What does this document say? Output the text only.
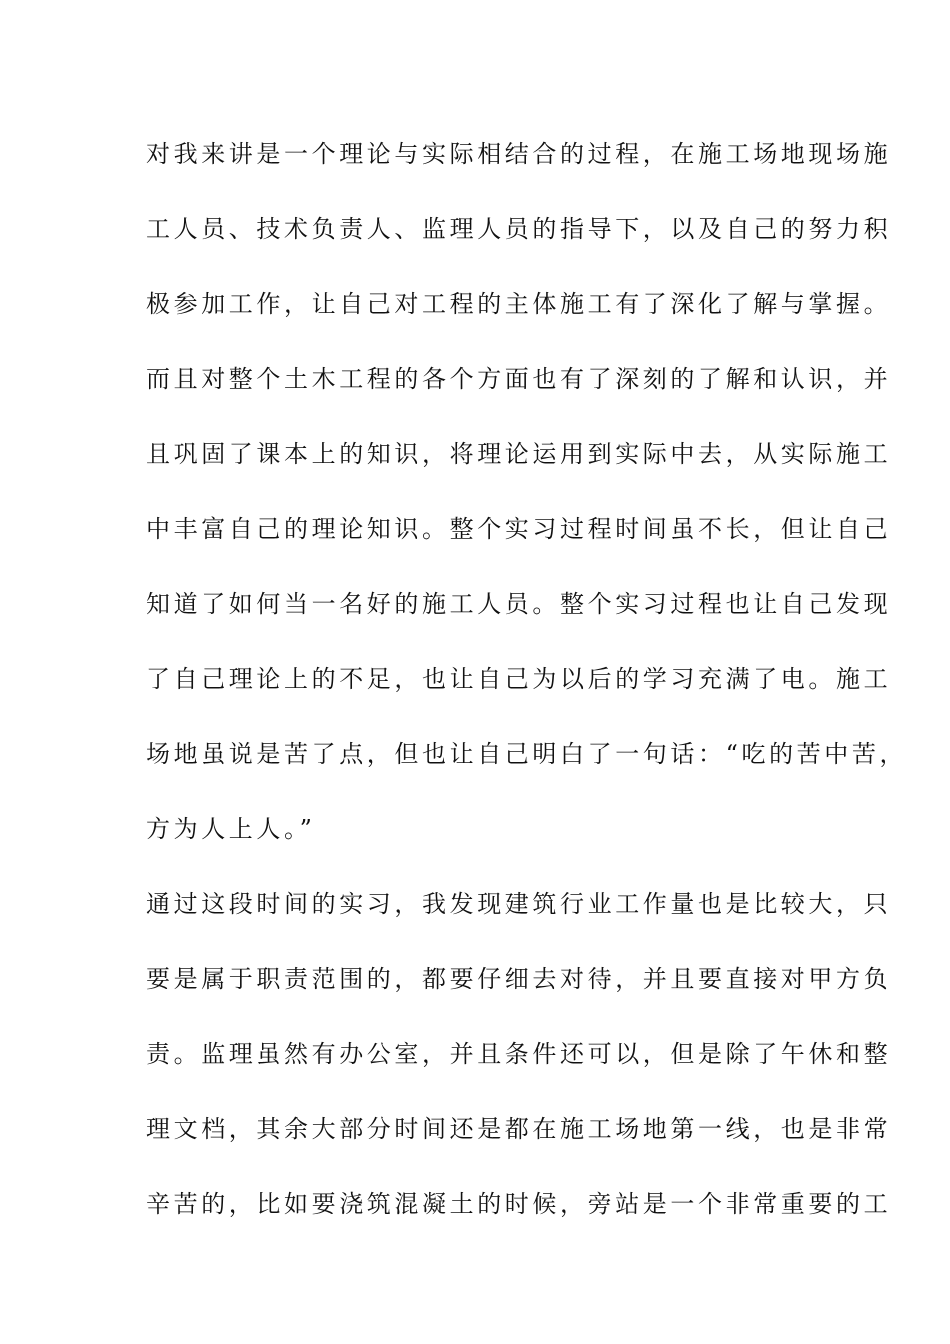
对我来讲是一个理论与实际相结合的过程，在施工场地现场施
工人员、技术负责人、监理人员的指导下，以及自己的努力积
极参加工作，让自己对工程的主体施工有了深化了解与掌握。
而且对整个土木工程的各个方面也有了深刻的了解和认识，并
且巩固了课本上的知识，将理论运用到实际中去，从实际施工
中丰富自己的理论知识。整个实习过程时间虽不长，但让自己
知道了如何当一名好的施工人员。整个实习过程也让自己发现
了自己理论上的不足，也让自己为以后的学习充满了电。施工
场地虽说是苦了点，但也让自己明白了一句话：“吃的苦中苦，
方为人上人。”
通过这段时间的实习，我发现建筑行业工作量也是比较大，只
要是属于职责范围的，都要仔细去对待，并且要直接对甲方负
责。监理虽然有办公室，并且条件还可以，但是除了午休和整
理文档，其余大部分时间还是都在施工场地第一线，也是非常
辛苦的，比如要浇筑混凝土的时候，旁站是一个非常重要的工
